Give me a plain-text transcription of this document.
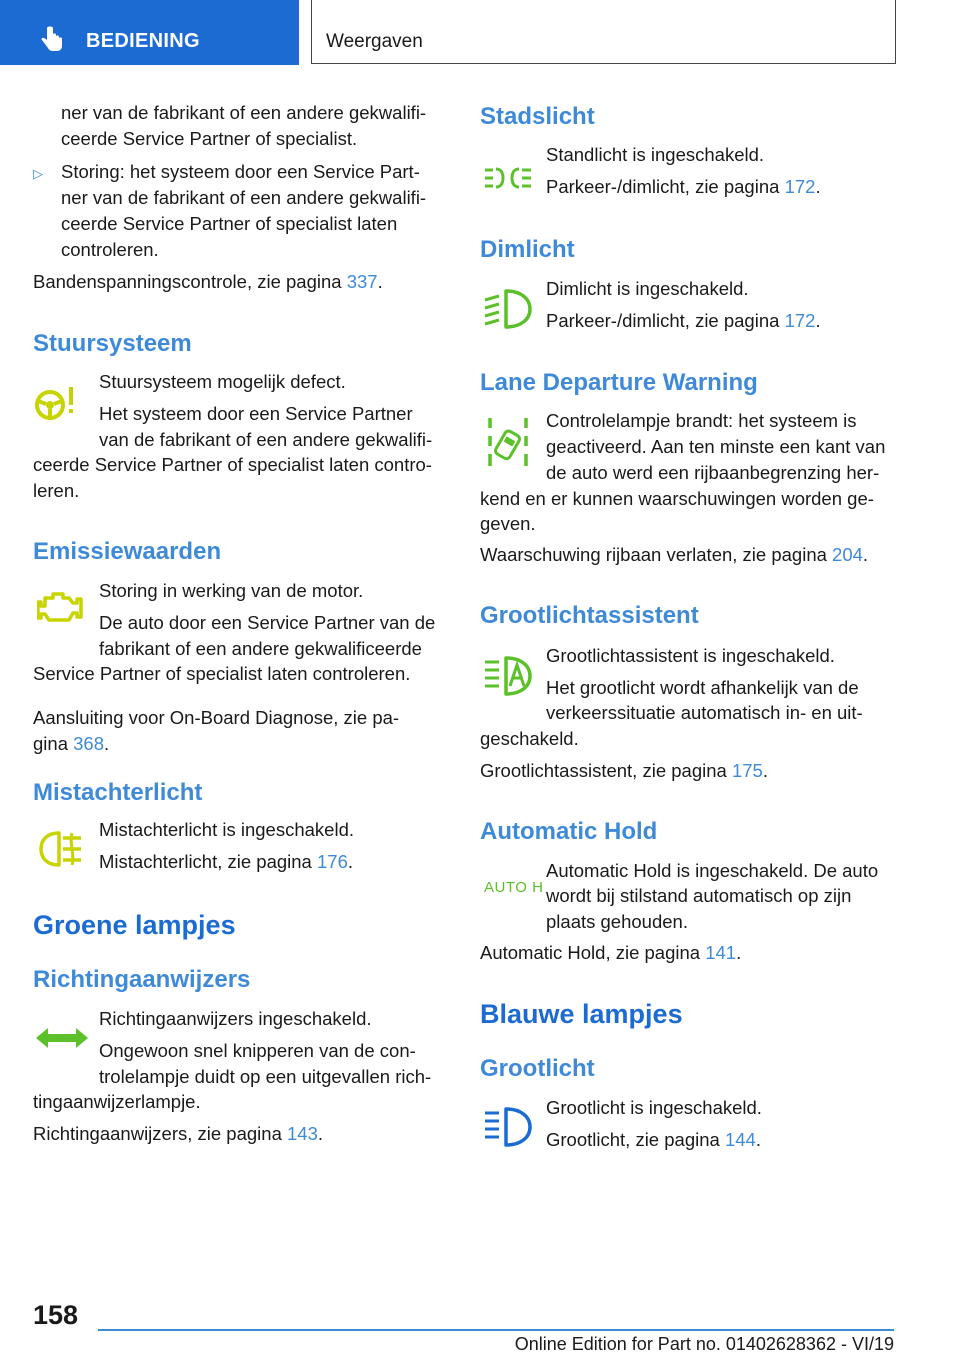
BEDIENING	Weergaven

ner van de fabrikant of een andere gekwalifi-

ceerde Service Partner of specialist.

▷ Storing: het systeem door een Service Part-

ner van de fabrikant of een andere gekwalifi-

ceerde Service Partner of specialist laten

controleren.

Bandenspanningscontrole, zie pagina 337.

Stuursysteem

Stuursysteem mogelijk defect.

Het systeem door een Service Partner

van de fabrikant of een andere gekwalifi-

ceerde Service Partner of specialist laten contro-

leren.

Emissiewaarden

Storing in werking van de motor.

De auto door een Service Partner van de

fabrikant of een andere gekwalificeerde

Service Partner of specialist laten controleren.

Aansluiting voor On-Board Diagnose, zie pa-

gina 368.

Mistachterlicht

Mistachterlicht is ingeschakeld.

Mistachterlicht, zie pagina 176.

Groene lampjes
Richtingaanwijzers

Richtingaanwijzers ingeschakeld.

Ongewoon snel knipperen van de con-

trolelampje duidt op een uitgevallen rich-

tingaanwijzerlampje.

Richtingaanwijzers, zie pagina 143.

Stadslicht

Standlicht is ingeschakeld.

Parkeer-/dimlicht, zie pagina 172.

Dimlicht

Dimlicht is ingeschakeld.

Parkeer-/dimlicht, zie pagina 172.

Lane Departure Warning

Controlelampje brandt: het systeem is

geactiveerd. Aan ten minste een kant van

de auto werd een rijbaanbegrenzing her-

kend en er kunnen waarschuwingen worden ge-

geven.

Waarschuwing rijbaan verlaten, zie pagina 204.

Grootlichtassistent

Grootlichtassistent is ingeschakeld.

Het grootlicht wordt afhankelijk van de

verkeerssituatie automatisch in- en uit-

geschakeld.

Grootlichtassistent, zie pagina 175.

Automatic Hold
AUTO H

Automatic Hold is ingeschakeld. De auto

wordt bij stilstand automatisch op zijn

plaats gehouden.

Automatic Hold, zie pagina 141.

Blauwe lampjes
Grootlicht

Grootlicht is ingeschakeld.

Grootlicht, zie pagina 144.

158
Online Edition for Part no. 01402628362 - VI/19
